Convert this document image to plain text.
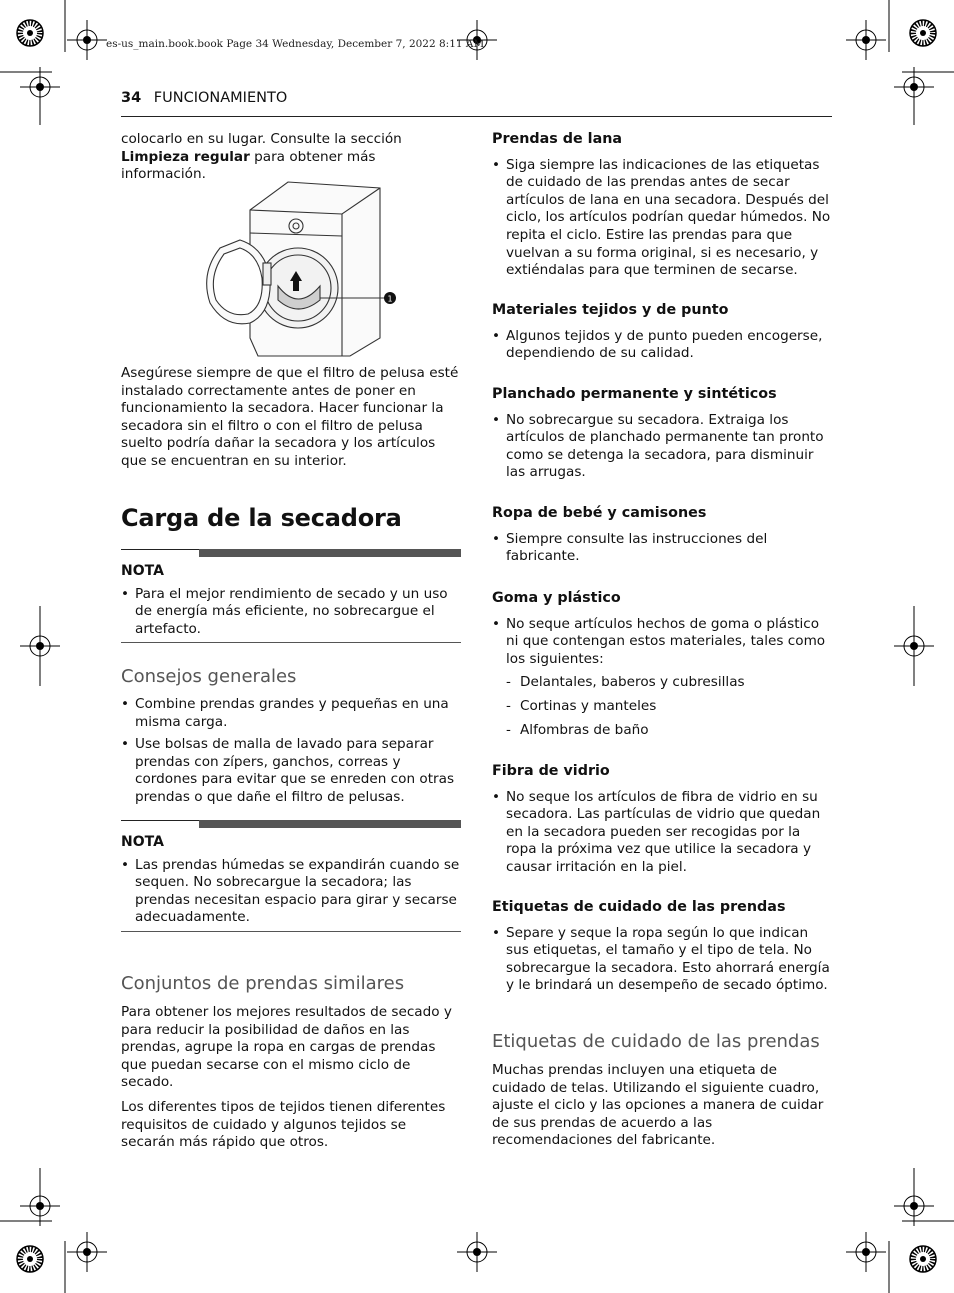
es-us_main.book.book Page 34 Wednesday, December 7, 2022 8:11 AM
34 FUNCIONAMIENTO

colocarlo en su lugar. Consulte la sección
Limpieza regular para obtener más información.

1

Asegúrese siempre de que el filtro de pelusa esté instalado correctamente antes de poner en funcionamiento la secadora. Hacer funcionar la secadora sin el filtro o con el filtro de pelusa suelto podría dañar la secadora y los artículos que se encuentran en su interior.

Carga de la secadora
NOTA
• Para el mejor rendimiento de secado y un uso de energía más eficiente, no sobrecargue el artefacto.
Consejos generales
• Combine prendas grandes y pequeñas en una misma carga.
• Use bolsas de malla de lavado para separar prendas con zípers, ganchos, correas y cordones para evitar que se enreden con otras prendas o que dañe el filtro de pelusas.
NOTA
• Las prendas húmedas se expandirán cuando se sequen. No sobrecargue la secadora; las prendas necesitan espacio para girar y secarse adecuadamente.
Conjuntos de prendas similares

Para obtener los mejores resultados de secado y para reducir la posibilidad de daños en las prendas, agrupe la ropa en cargas de prendas que puedan secarse con el mismo ciclo de secado.

Los diferentes tipos de tejidos tienen diferentes requisitos de cuidado y algunos tejidos se secarán más rápido que otros.

Prendas de lana
• Siga siempre las indicaciones de las etiquetas de cuidado de las prendas antes de secar artículos de lana en una secadora. Después del ciclo, los artículos podrían quedar húmedos. No repita el ciclo. Estire las prendas para que vuelvan a su forma original, si es necesario, y extiéndalas para que terminen de secarse.
Materiales tejidos y de punto
• Algunos tejidos y de punto pueden encogerse, dependiendo de su calidad.
Planchado permanente y sintéticos
• No sobrecargue su secadora. Extraiga los artículos de planchado permanente tan pronto como se detenga la secadora, para disminuir las arrugas.
Ropa de bebé y camisones
• Siempre consulte las instrucciones del fabricante.
Goma y plástico
• No seque artículos hechos de goma o plástico ni que contengan estos materiales, tales como los siguientes:
- Delantales, baberos y cubresillas
- Cortinas y manteles
- Alfombras de baño
Fibra de vidrio
• No seque los artículos de fibra de vidrio en su secadora. Las partículas de vidrio que quedan en la secadora pueden ser recogidas por la ropa la próxima vez que utilice la secadora y causar irritación en la piel.
Etiquetas de cuidado de las prendas
• Separe y seque la ropa según lo que indican sus etiquetas, el tamaño y el tipo de tela. No sobrecargue la secadora. Esto ahorrará energía y le brindará un desempeño de secado óptimo.
Etiquetas de cuidado de las prendas

Muchas prendas incluyen una etiqueta de cuidado de telas. Utilizando el siguiente cuadro, ajuste el ciclo y las opciones a manera de cuidar de sus prendas de acuerdo a las recomendaciones del fabricante.
